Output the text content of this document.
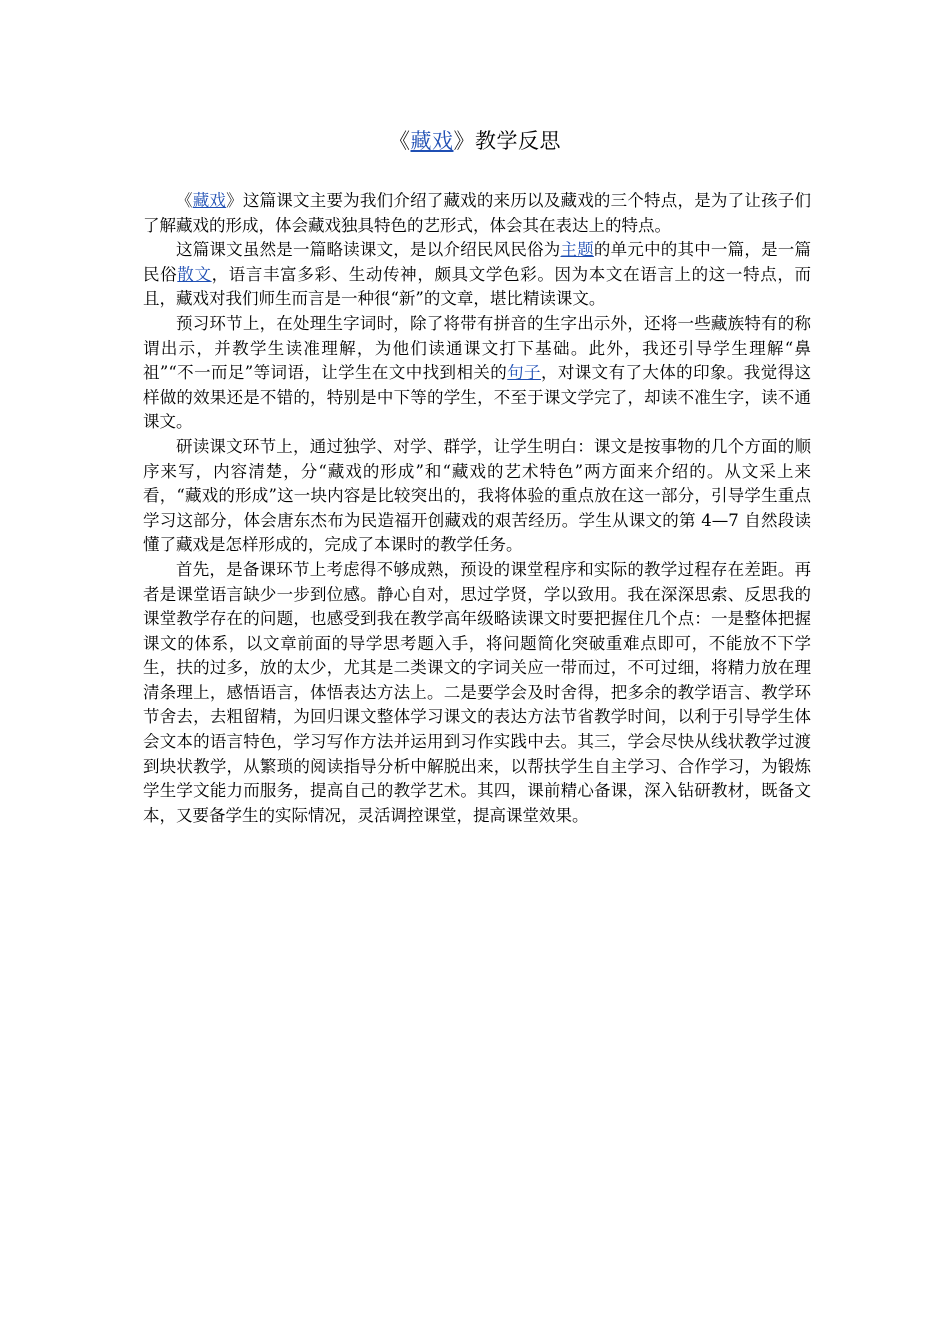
《藏戏》教学反思

《藏戏》这篇课文主要为我们介绍了藏戏的来历以及藏戏的三个特点，是为了让孩子们了解藏戏的形成，体会藏戏独具特色的艺形式，体会其在表达上的特点。

这篇课文虽然是一篇略读课文，是以介绍民风民俗为主题的单元中的其中一篇，是一篇民俗散文，语言丰富多彩、生动传神，颇具文学色彩。因为本文在语言上的这一特点，而且，藏戏对我们师生而言是一种很“新”的文章，堪比精读课文。

预习环节上，在处理生字词时，除了将带有拼音的生字出示外，还将一些藏族特有的称谓出示，并教学生读准理解，为他们读通课文打下基础。此外，我还引导学生理解“鼻祖”“不一而足”等词语，让学生在文中找到相关的句子，对课文有了大体的印象。我觉得这样做的效果还是不错的，特别是中下等的学生，不至于课文学完了，却读不准生字，读不通课文。

研读课文环节上，通过独学、对学、群学，让学生明白：课文是按事物的几个方面的顺序来写，内容清楚，分“藏戏的形成”和“藏戏的艺术特色”两方面来介绍的。从文采上来看，“藏戏的形成”这一块内容是比较突出的，我将体验的重点放在这一部分，引导学生重点学习这部分，体会唐东杰布为民造福开创藏戏的艰苦经历。学生从课文的第 4—7 自然段读懂了藏戏是怎样形成的，完成了本课时的教学任务。

首先，是备课环节上考虑得不够成熟，预设的课堂程序和实际的教学过程存在差距。再者是课堂语言缺少一步到位感。静心自对，思过学贤，学以致用。我在深深思索、反思我的课堂教学存在的问题，也感受到我在教学高年级略读课文时要把握住几个点：一是整体把握课文的体系，以文章前面的导学思考题入手，将问题简化突破重难点即可，不能放不下学生，扶的过多，放的太少，尤其是二类课文的字词关应一带而过，不可过细，将精力放在理清条理上，感悟语言，体悟表达方法上。二是要学会及时舍得，把多余的教学语言、教学环节舍去，去粗留精，为回归课文整体学习课文的表达方法节省教学时间，以利于引导学生体会文本的语言特色，学习写作方法并运用到习作实践中去。其三，学会尽快从线状教学过渡到块状教学，从繁琐的阅读指导分析中解脱出来，以帮扶学生自主学习、合作学习，为锻炼学生学文能力而服务，提高自己的教学艺术。其四，课前精心备课，深入钻研教材，既备文本，又要备学生的实际情况，灵活调控课堂，提高课堂效果。
